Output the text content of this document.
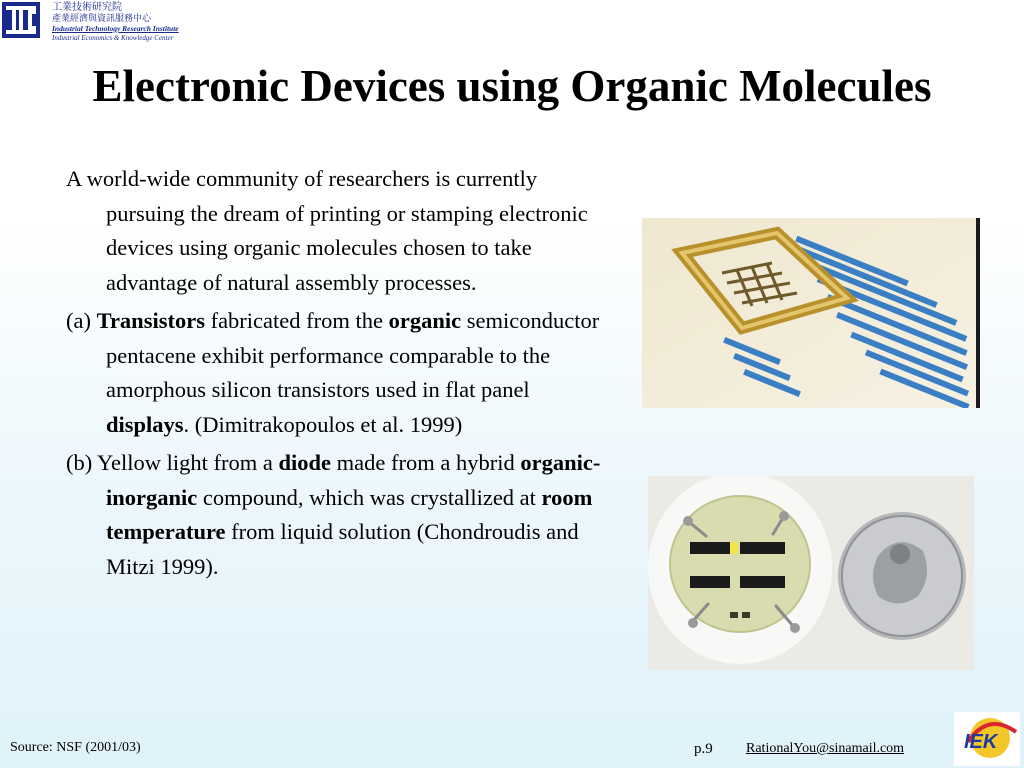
工業技術研究院
產業經濟與資訊服務中心
Industrial Technology Research Institute
Industrial Economics & Knowledge Center
Electronic Devices using Organic Molecules
A world-wide community of researchers is currently pursuing the dream of printing or stamping electronic devices using organic molecules chosen to take advantage of natural assembly processes.
(a) Transistors fabricated from the organic semiconductor pentacene exhibit performance comparable to the amorphous silicon transistors used in flat panel displays. (Dimitrakopoulos et al. 1999)
(b) Yellow light from a diode made from a hybrid organic-inorganic compound, which was crystallized at room temperature from liquid solution (Chondroudis and Mitzi 1999).
Source: NSF (2001/03)	p.9 RationalYou@sinamail.com	IEK
